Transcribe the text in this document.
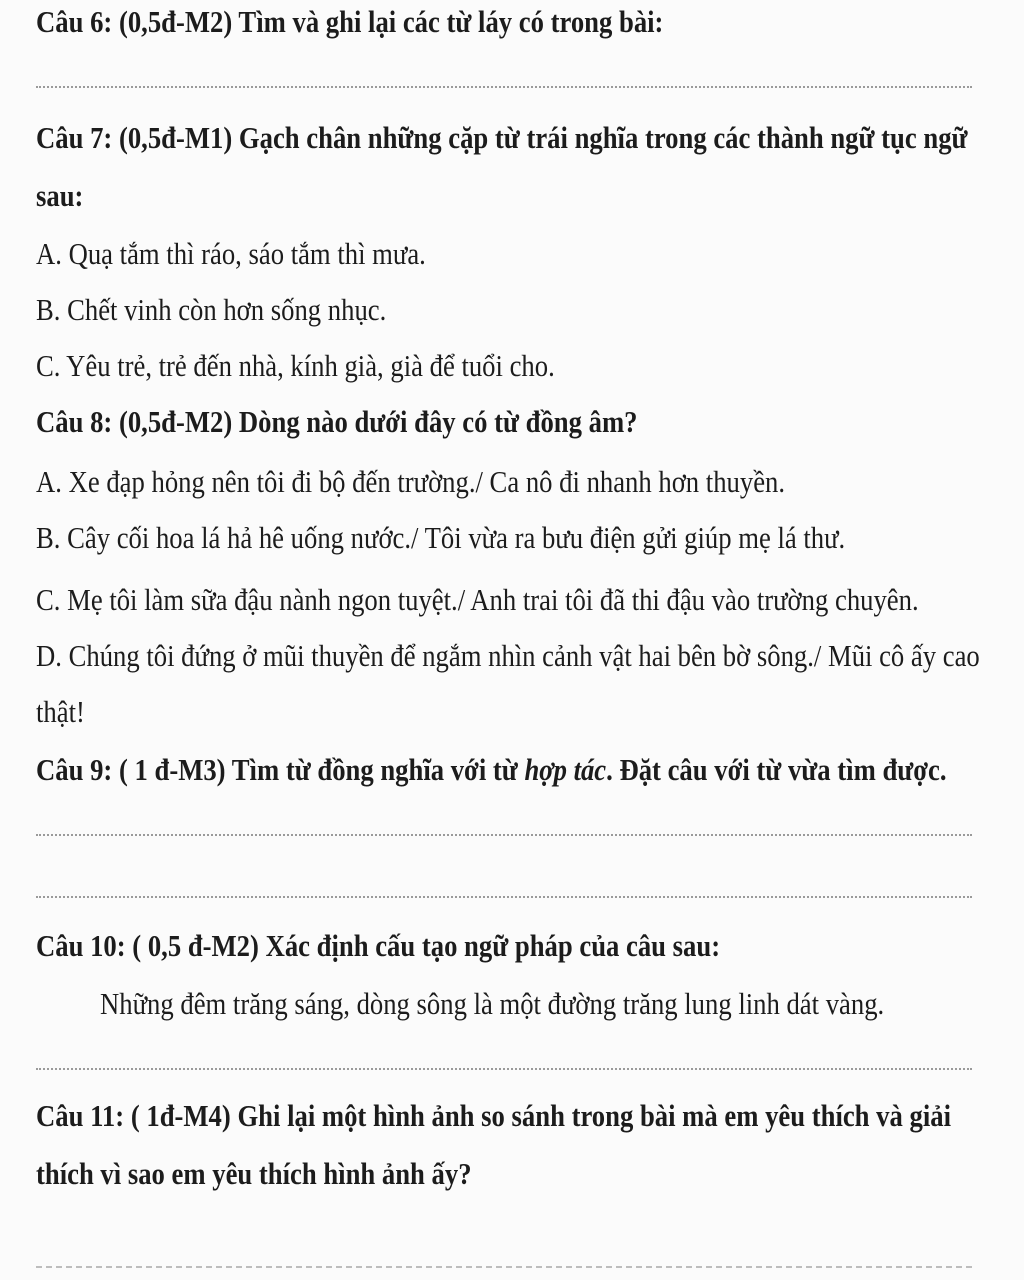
Câu 6: (0,5đ-M2) Tìm và ghi lại các từ láy có trong bài:
Câu 7: (0,5đ-M1) Gạch chân những cặp từ trái nghĩa trong các thành ngữ tục ngữ
sau:
A. Quạ tắm thì ráo, sáo tắm thì mưa.
B. Chết vinh còn hơn sống nhục.
C. Yêu trẻ, trẻ đến nhà, kính già, già để tuổi cho.
Câu 8: (0,5đ-M2) Dòng nào dưới đây có từ đồng âm?
A. Xe đạp hỏng nên tôi đi bộ đến trường./ Ca nô đi nhanh hơn thuyền.
B. Cây cối hoa lá hả hê uống nước./ Tôi vừa ra bưu điện gửi giúp mẹ lá thư.
C. Mẹ tôi làm sữa đậu nành ngon tuyệt./ Anh trai tôi đã thi đậu vào trường chuyên.
D. Chúng tôi đứng ở mũi thuyền để ngắm nhìn cảnh vật hai bên bờ sông./ Mũi cô ấy cao
thật!
Câu 9: ( 1 đ-M3) Tìm từ đồng nghĩa với từ hợp tác. Đặt câu với từ vừa tìm được.
Câu 10: ( 0,5 đ-M2) Xác định cấu tạo ngữ pháp của câu sau:
Những đêm trăng sáng, dòng sông là một đường trăng lung linh dát vàng.
Câu 11: ( 1đ-M4) Ghi lại một hình ảnh so sánh trong bài mà em yêu thích và giải
thích vì sao em yêu thích hình ảnh ấy?
